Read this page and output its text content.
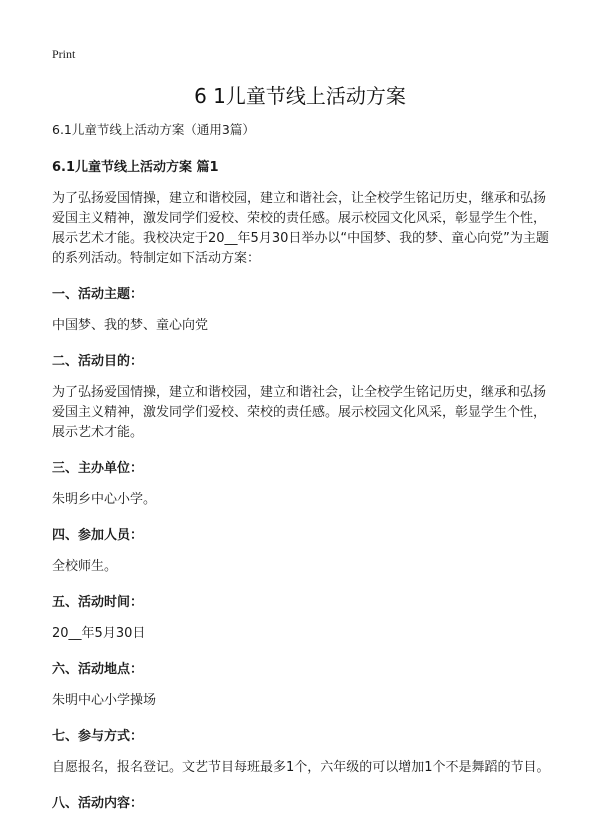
Print
6 1儿童节线上活动方案
6.1儿童节线上活动方案（通用3篇）
6.1儿童节线上活动方案 篇1
为了弘扬爱国情操，建立和谐校园，建立和谐社会，让全校学生铭记历史，继承和弘扬爱国主义精神，激发同学们爱校、荣校的责任感。展示校园文化风采，彰显学生个性，展示艺术才能。我校决定于20__年5月30日举办以“中国梦、我的梦、童心向党”为主题的系列活动。特制定如下活动方案：
一、活动主题：
中国梦、我的梦、童心向党
二、活动目的：
为了弘扬爱国情操，建立和谐校园，建立和谐社会，让全校学生铭记历史，继承和弘扬爱国主义精神，激发同学们爱校、荣校的责任感。展示校园文化风采，彰显学生个性，展示艺术才能。
三、主办单位：
朱明乡中心小学。
四、参加人员：
全校师生。
五、活动时间：
20__年5月30日
六、活动地点：
朱明中心小学操场
七、参与方式：
自愿报名，报名登记。文艺节目每班最多1个，六年级的可以增加1个不是舞蹈的节目。
八、活动内容：
